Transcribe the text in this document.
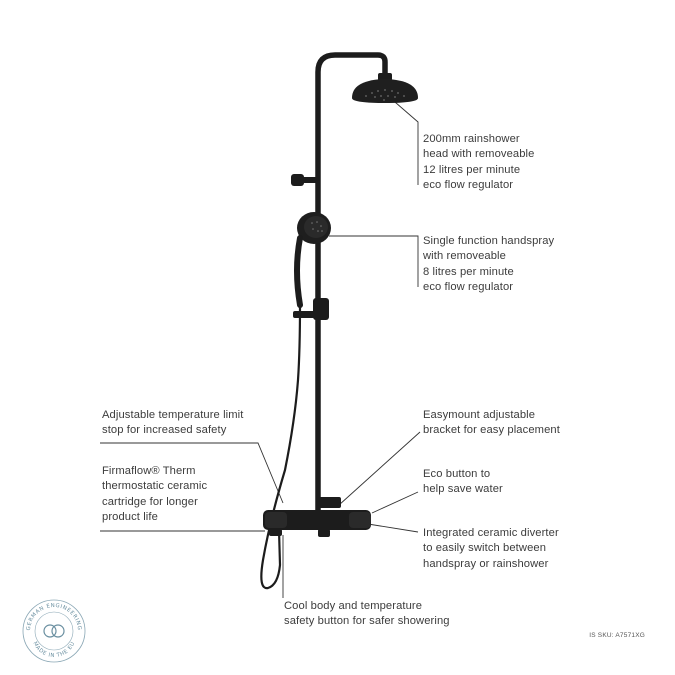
200mm rainshower
head with removeable
12 litres per minute
eco flow regulator
Single function handspray
with removeable
8 litres per minute
eco flow regulator
Adjustable temperature limit
stop for increased safety
Firmaflow® Therm
thermostatic ceramic
cartridge for longer
product life
Easymount adjustable
bracket for easy placement
Eco button to
help save water
Integrated ceramic diverter
to easily switch between
handspray or rainshower
Cool body and temperature
safety button for safer showering
IS SKU: A7571XG
GERMAN ENGINEERING
MADE IN THE EU
